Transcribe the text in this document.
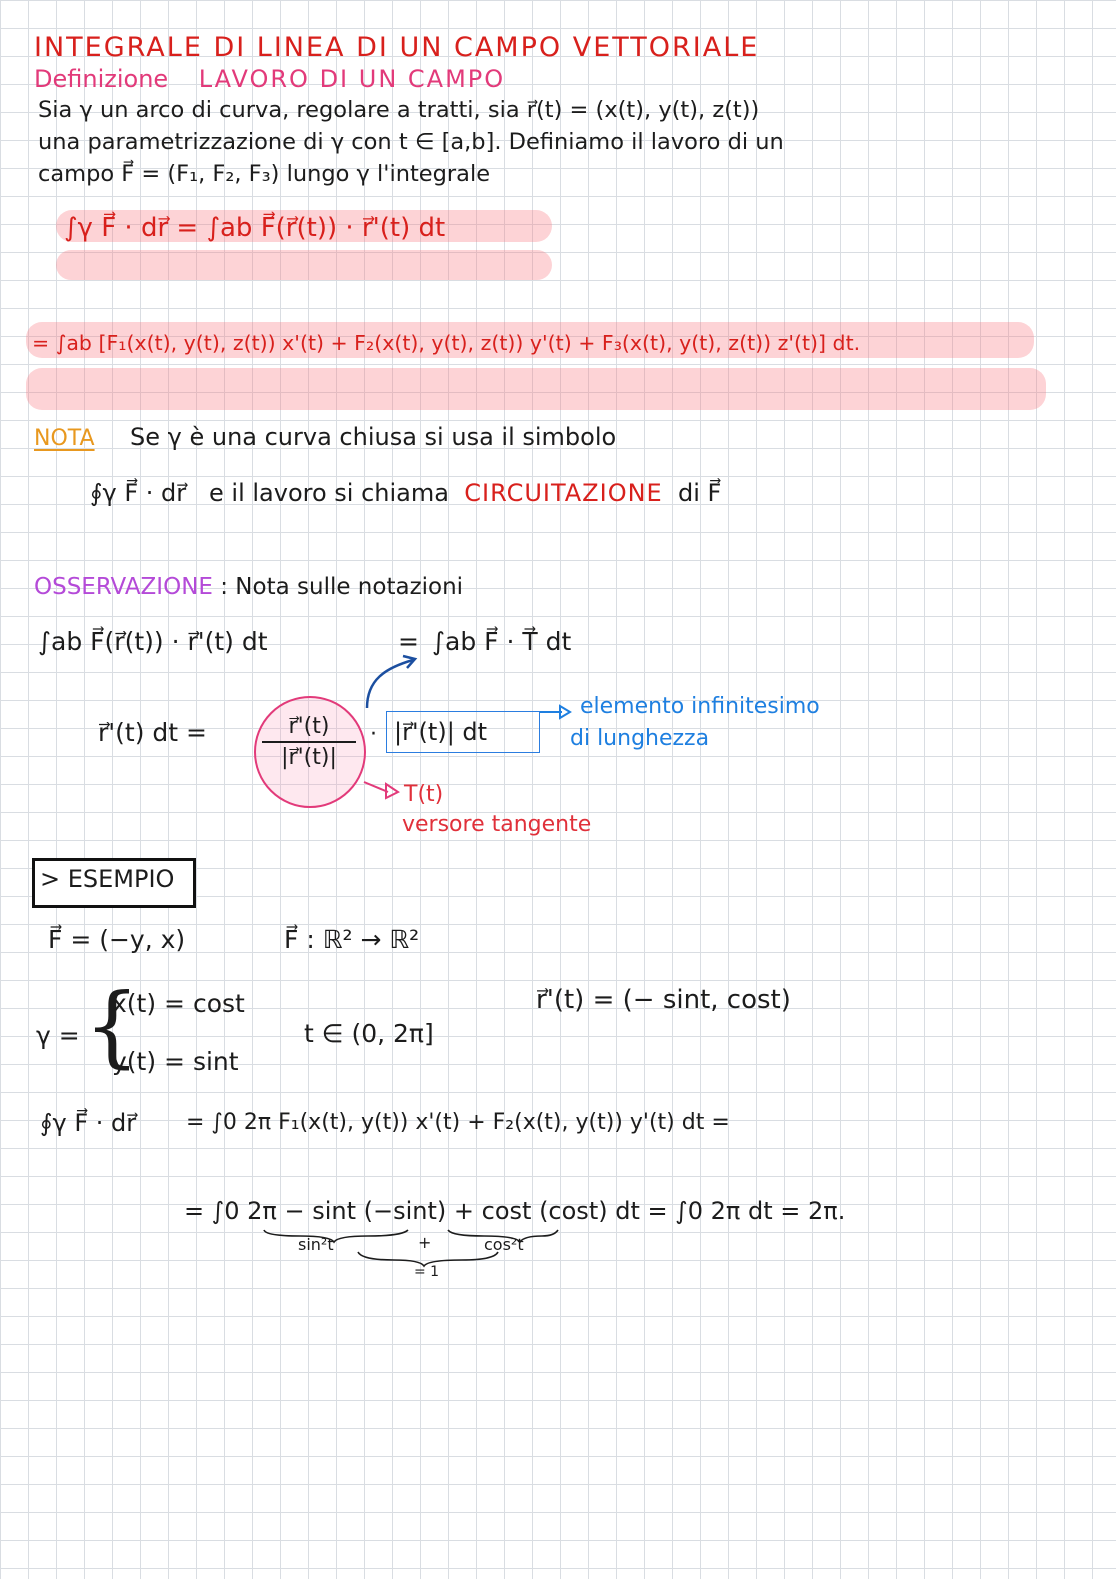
INTEGRALE DI LINEA DI UN CAMPO VETTORIALE
Definizione LAVORO DI UN CAMPO
Sia γ un arco di curva, regolare a tratti, sia r⃗(t) = (x(t), y(t), z(t))
una parametrizzazione di γ con t ∈ [a,b]. Definiamo il lavoro di un
campo F⃗ = (F₁, F₂, F₃) lungo γ l'integrale
∫γ F⃗ · dr⃗ = ∫ab F⃗(r⃗(t)) · r⃗'(t) dt
= ∫ab [F₁(x(t), y(t), z(t)) x'(t) + F₂(x(t), y(t), z(t)) y'(t) + F₃(x(t), y(t), z(t)) z'(t)] dt.
NOTA Se γ è una curva chiusa si usa il simbolo
∮γ F⃗ · dr⃗ e il lavoro si chiama CIRCUITAZIONE di F⃗
OSSERVAZIONE : Nota sulle notazioni
∫ab F⃗(r⃗(t)) · r⃗'(t) dt	= ∫ab F⃗ · T⃗ dt
r⃗'(t) dt =	r⃗'(t)
|r⃗'(t)|
· |r⃗'(t)| dt
elemento infinitesimo
di lunghezza
T(t)
versore tangente
> ESEMPIO
F⃗ = (−y, x)	F⃗ : ℝ² → ℝ²
γ = {
x(t) = cost
y(t) = sint
t ∈ (0, 2π]
r⃗'(t) = (− sint, cost)
∮γ F⃗ · dr⃗ = ∫0 2π F₁(x(t), y(t)) x'(t) + F₂(x(t), y(t)) y'(t) dt =
= ∫0 2π − sint (−sint) + cost (cost) dt = ∫0 2π dt = 2π.
sin²t	+	cos²t
= 1
